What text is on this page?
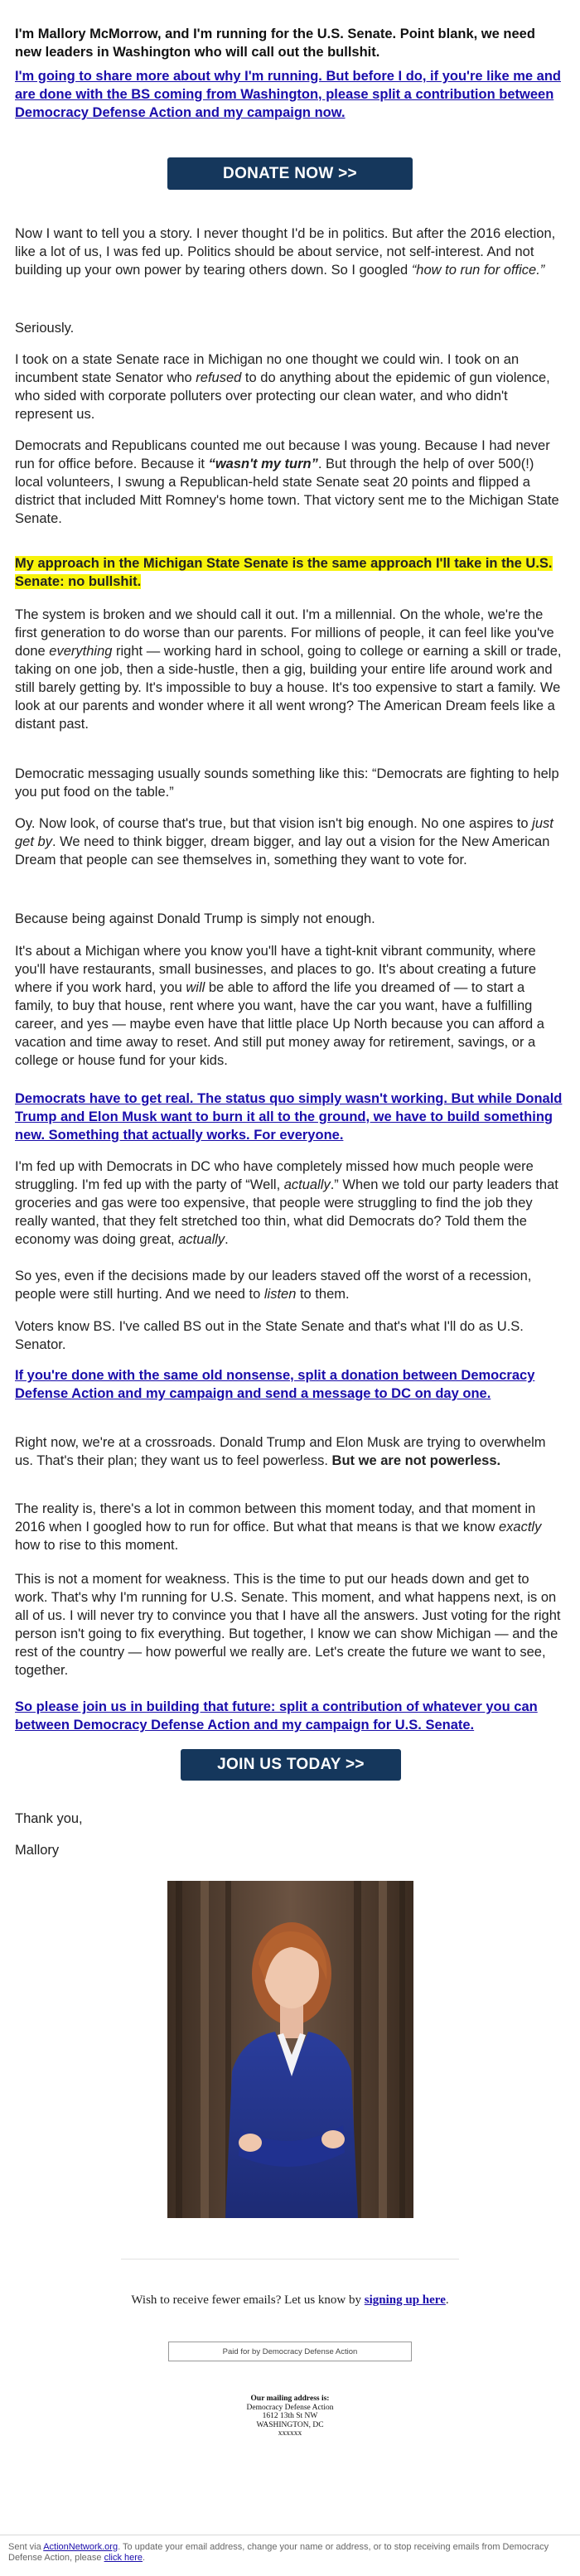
I'm Mallory McMorrow, and I'm running for the U.S. Senate. Point blank, we need new leaders in Washington who will call out the bullshit.

I'm going to share more about why I'm running. But before I do, if you're like me and are done with the BS coming from Washington, please split a contribution between Democracy Defense Action and my campaign now.
DONATE NOW >>

Now I want to tell you a story. I never thought I'd be in politics. But after the 2016 election, like a lot of us, I was fed up. Politics should be about service, not self-interest. And not building up your own power by tearing others down. So I googled “how to run for office.”

Seriously.

I took on a state Senate race in Michigan no one thought we could win. I took on an incumbent state Senator who refused to do anything about the epidemic of gun violence, who sided with corporate polluters over protecting our clean water, and who didn't represent us.

Democrats and Republicans counted me out because I was young. Because I had never run for office before. Because it “wasn't my turn”. But through the help of over 500(!) local volunteers, I swung a Republican-held state Senate seat 20 points and flipped a district that included Mitt Romney's home town. That victory sent me to the Michigan State Senate.

My approach in the Michigan State Senate is the same approach I'll take in the U.S. Senate: no bullshit.

The system is broken and we should call it out. I'm a millennial. On the whole, we're the first generation to do worse than our parents. For millions of people, it can feel like you've done everything right — working hard in school, going to college or earning a skill or trade, taking on one job, then a side-hustle, then a gig, building your entire life around work and still barely getting by. It's impossible to buy a house. It's too expensive to start a family. We look at our parents and wonder where it all went wrong? The American Dream feels like a distant past.

Democratic messaging usually sounds something like this: “Democrats are fighting to help you put food on the table.”

Oy. Now look, of course that's true, but that vision isn't big enough. No one aspires to just get by. We need to think bigger, dream bigger, and lay out a vision for the New American Dream that people can see themselves in, something they want to vote for.

Because being against Donald Trump is simply not enough.

It's about a Michigan where you know you'll have a tight-knit vibrant community, where you'll have restaurants, small businesses, and places to go. It's about creating a future where if you work hard, you will be able to afford the life you dreamed of — to start a family, to buy that house, rent where you want, have the car you want, have a fulfilling career, and yes — maybe even have that little place Up North because you can afford a vacation and time away to reset. And still put money away for retirement, savings, or a college or house fund for your kids.

Democrats have to get real. The status quo simply wasn't working. But while Donald Trump and Elon Musk want to burn it all to the ground, we have to build something new. Something that actually works. For everyone.

I'm fed up with Democrats in DC who have completely missed how much people were struggling. I'm fed up with the party of “Well, actually.” When we told our party leaders that groceries and gas were too expensive, that people were struggling to find the job they really wanted, that they felt stretched too thin, what did Democrats do? Told them the economy was doing great, actually.

So yes, even if the decisions made by our leaders staved off the worst of a recession, people were still hurting. And we need to listen to them.

Voters know BS. I've called BS out in the State Senate and that's what I'll do as U.S. Senator.

If you're done with the same old nonsense, split a donation between Democracy Defense Action and my campaign and send a message to DC on day one.

Right now, we're at a crossroads. Donald Trump and Elon Musk are trying to overwhelm us. That's their plan; they want us to feel powerless. But we are not powerless.

The reality is, there's a lot in common between this moment today, and that moment in 2016 when I googled how to run for office. But what that means is that we know exactly how to rise to this moment.

This is not a moment for weakness. This is the time to put our heads down and get to work. That's why I'm running for U.S. Senate. This moment, and what happens next, is on all of us. I will never try to convince you that I have all the answers. Just voting for the right person isn't going to fix everything. But together, I know we can show Michigan — and the rest of the country — how powerful we really are. Let's create the future we want to see, together.

So please join us in building that future: split a contribution of whatever you can between Democracy Defense Action and my campaign for U.S. Senate.
JOIN US TODAY >>

Thank you,

Mallory

Wish to receive fewer emails? Let us know by signing up here.
Paid for by Democracy Defense Action
Our mailing address is:
Democracy Defense Action
1612 13th St NW
WASHINGTON, DC
xxxxxx
Sent via ActionNetwork.org. To update your email address, change your name or address, or to stop receiving emails from Democracy Defense Action, please click here.
